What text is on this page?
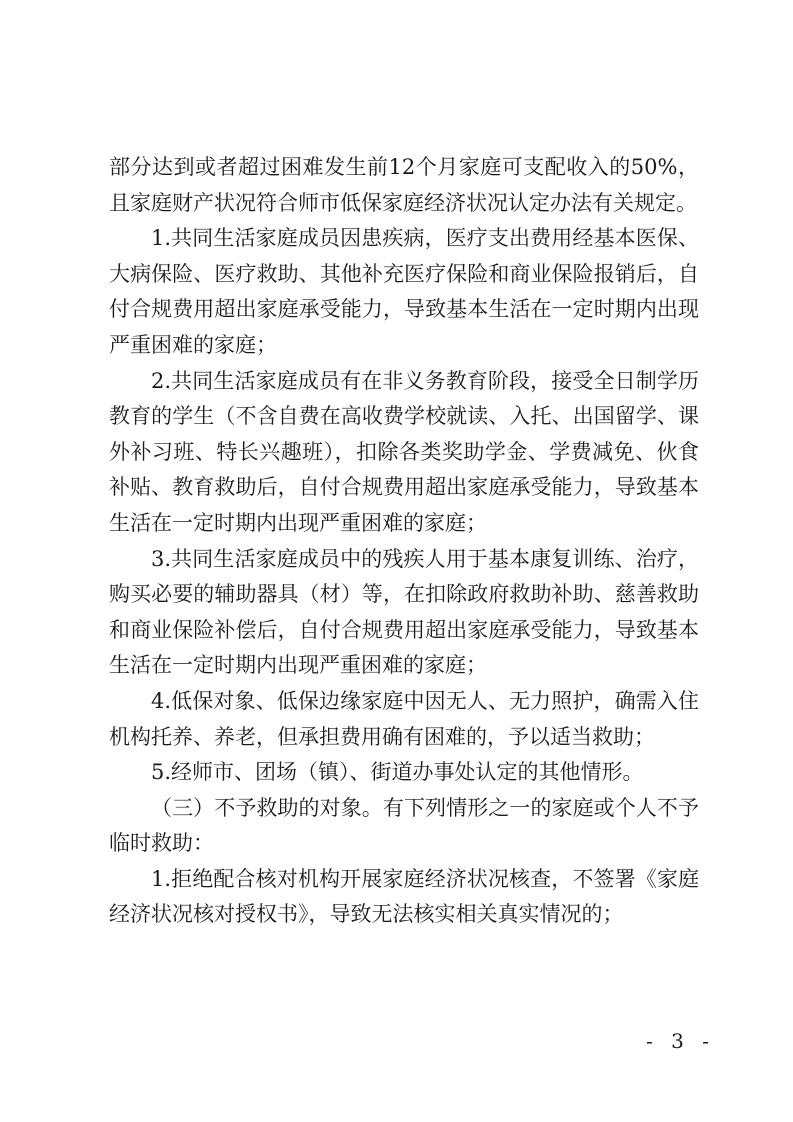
部分达到或者超过困难发生前12个月家庭可支配收入的50%，
且家庭财产状况符合师市低保家庭经济状况认定办法有关规定。
1.共同生活家庭成员因患疾病，医疗支出费用经基本医保、
大病保险、医疗救助、其他补充医疗保险和商业保险报销后，自
付合规费用超出家庭承受能力，导致基本生活在一定时期内出现
严重困难的家庭；
2.共同生活家庭成员有在非义务教育阶段，接受全日制学历
教育的学生（不含自费在高收费学校就读、入托、出国留学、课
外补习班、特长兴趣班），扣除各类奖助学金、学费减免、伙食
补贴、教育救助后，自付合规费用超出家庭承受能力，导致基本
生活在一定时期内出现严重困难的家庭；
3.共同生活家庭成员中的残疾人用于基本康复训练、治疗，
购买必要的辅助器具（材）等，在扣除政府救助补助、慈善救助
和商业保险补偿后，自付合规费用超出家庭承受能力，导致基本
生活在一定时期内出现严重困难的家庭；
4.低保对象、低保边缘家庭中因无人、无力照护，确需入住
机构托养、养老，但承担费用确有困难的，予以适当救助；
5.经师市、团场（镇）、街道办事处认定的其他情形。
（三）不予救助的对象。有下列情形之一的家庭或个人不予
临时救助：
1.拒绝配合核对机构开展家庭经济状况核查，不签署《家庭
经济状况核对授权书》，导致无法核实相关真实情况的；
- 3 -
